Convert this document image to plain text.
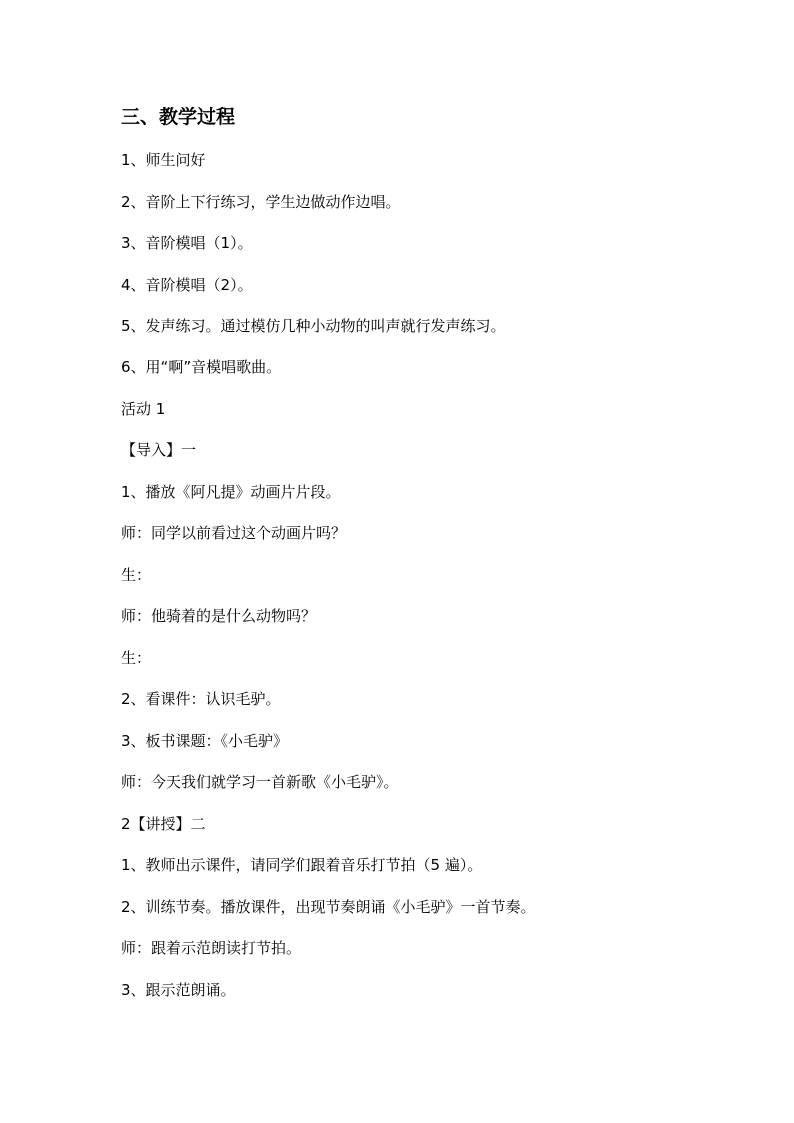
三、教学过程
1、师生问好
2、音阶上下行练习，学生边做动作边唱。
3、音阶模唱（1）。
4、音阶模唱（2）。
5、发声练习。通过模仿几种小动物的叫声就行发声练习。
6、用“啊”音模唱歌曲。
活动 1
【导入】一
1、播放《阿凡提》动画片片段。
师：同学以前看过这个动画片吗？
生：
师：他骑着的是什么动物吗？
生：
2、看课件：认识毛驴。
3、板书课题：《小毛驴》
师：今天我们就学习一首新歌《小毛驴》。
2【讲授】二
1、教师出示课件，请同学们跟着音乐打节拍（5 遍）。
2、训练节奏。播放课件，出现节奏朗诵《小毛驴》一首节奏。
师：跟着示范朗读打节拍。
3、跟示范朗诵。
